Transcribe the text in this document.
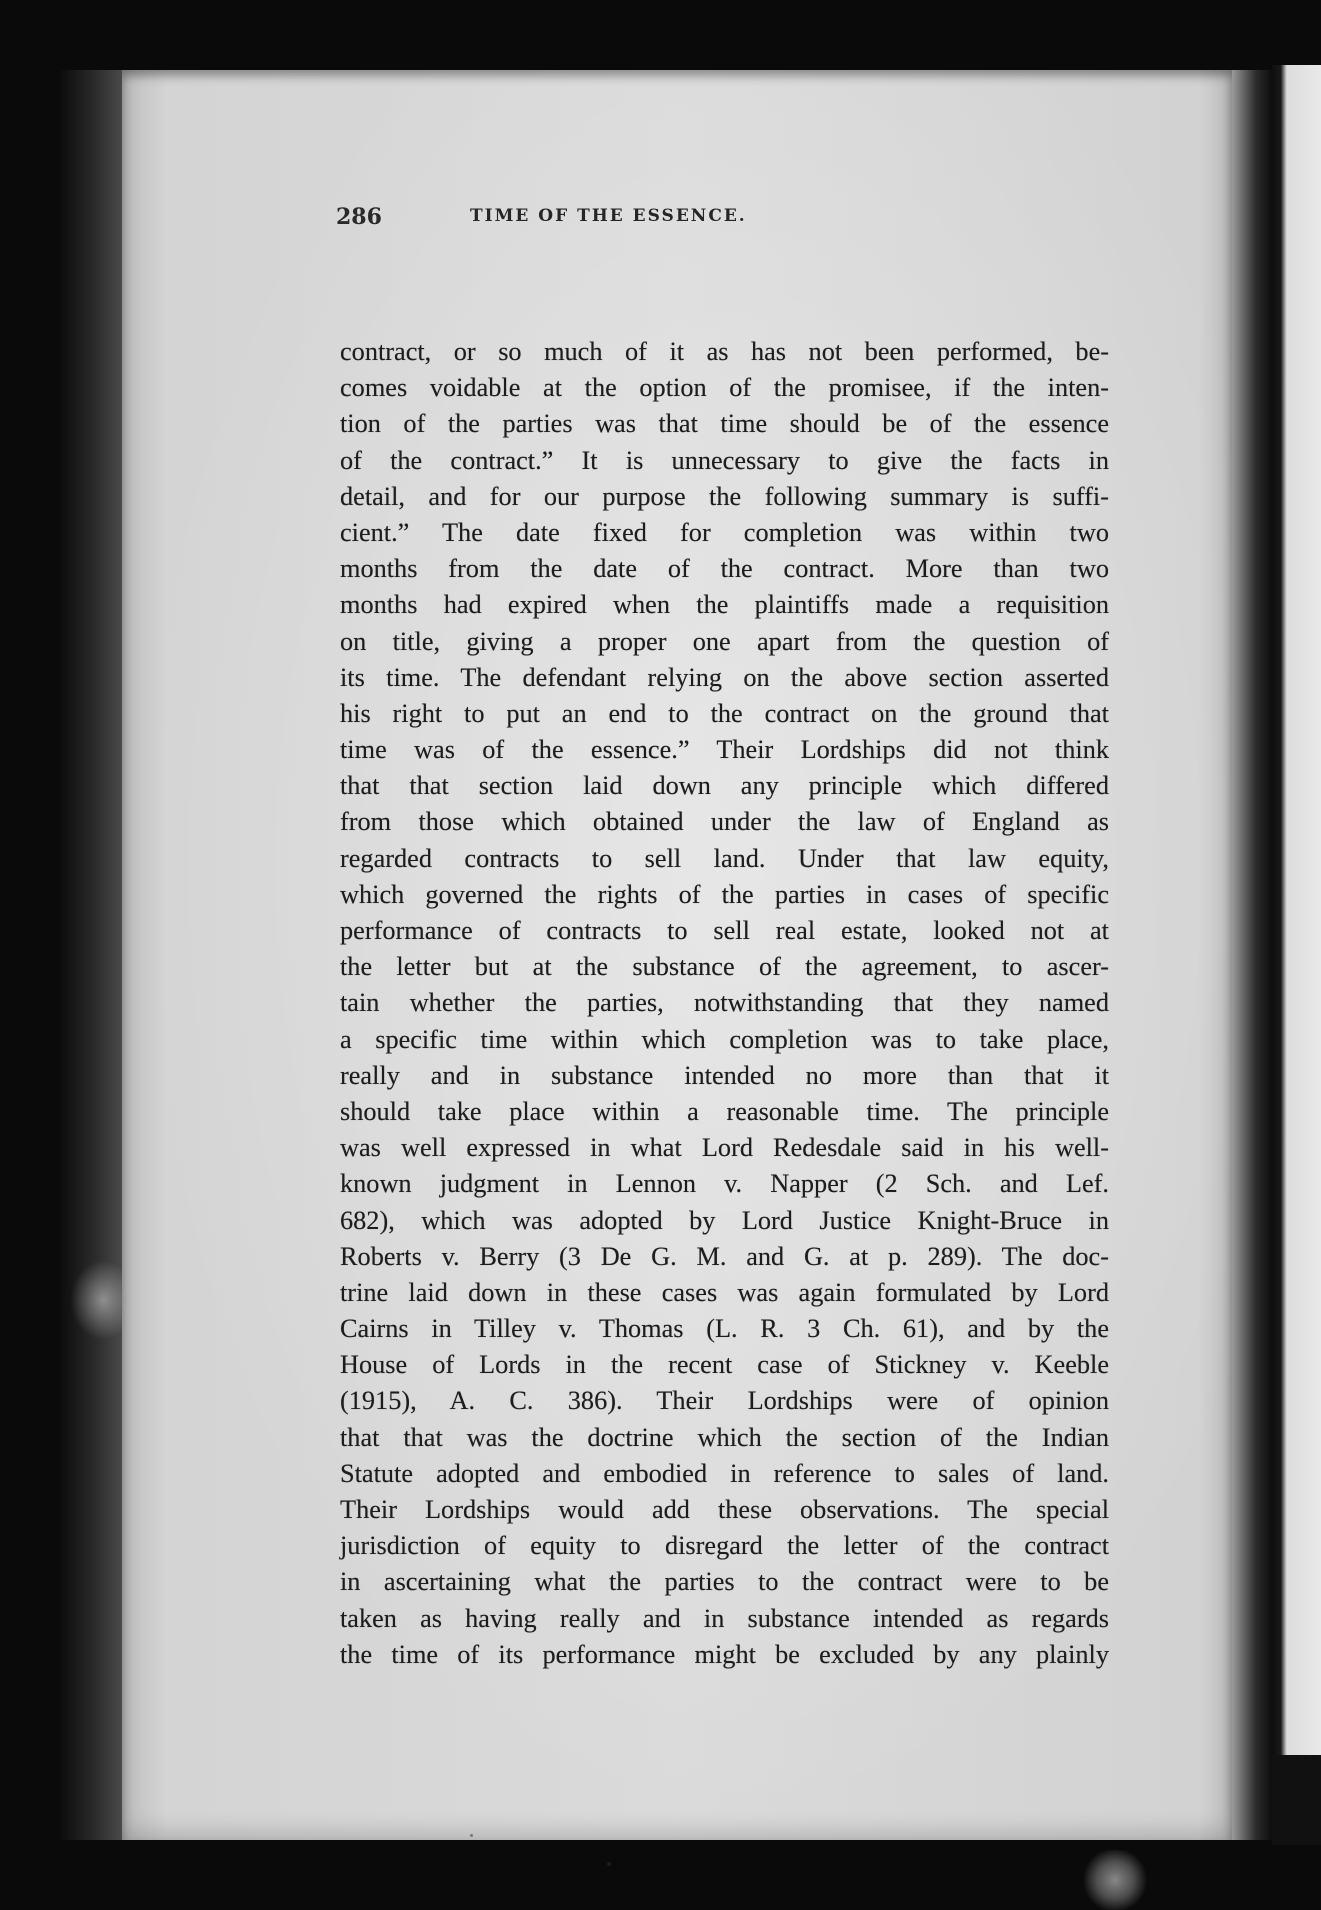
286	TIME OF THE ESSENCE.
contract, or so much of it as has not been performed, be-
comes voidable at the option of the promisee, if the inten-
tion of the parties was that time should be of the essence
of the contract.” It is unnecessary to give the facts in
detail, and for our purpose the following summary is suffi-
cient.” The date fixed for completion was within two
months from the date of the contract. More than two
months had expired when the plaintiffs made a requisition
on title, giving a proper one apart from the question of
its time. The defendant relying on the above section asserted
his right to put an end to the contract on the ground that
time was of the essence.” Their Lordships did not think
that that section laid down any principle which differed
from those which obtained under the law of England as
regarded contracts to sell land. Under that law equity,
which governed the rights of the parties in cases of specific
performance of contracts to sell real estate, looked not at
the letter but at the substance of the agreement, to ascer-
tain whether the parties, notwithstanding that they named
a specific time within which completion was to take place,
really and in substance intended no more than that it
should take place within a reasonable time. The principle
was well expressed in what Lord Redesdale said in his well-
known judgment in Lennon v. Napper (2 Sch. and Lef.
682), which was adopted by Lord Justice Knight-Bruce in
Roberts v. Berry (3 De G. M. and G. at p. 289). The doc-
trine laid down in these cases was again formulated by Lord
Cairns in Tilley v. Thomas (L. R. 3 Ch. 61), and by the
House of Lords in the recent case of Stickney v. Keeble
(1915), A. C. 386). Their Lordships were of opinion
that that was the doctrine which the section of the Indian
Statute adopted and embodied in reference to sales of land.
Their Lordships would add these observations. The special
jurisdiction of equity to disregard the letter of the contract
in ascertaining what the parties to the contract were to be
taken as having really and in substance intended as regards
the time of its performance might be excluded by any plainly
